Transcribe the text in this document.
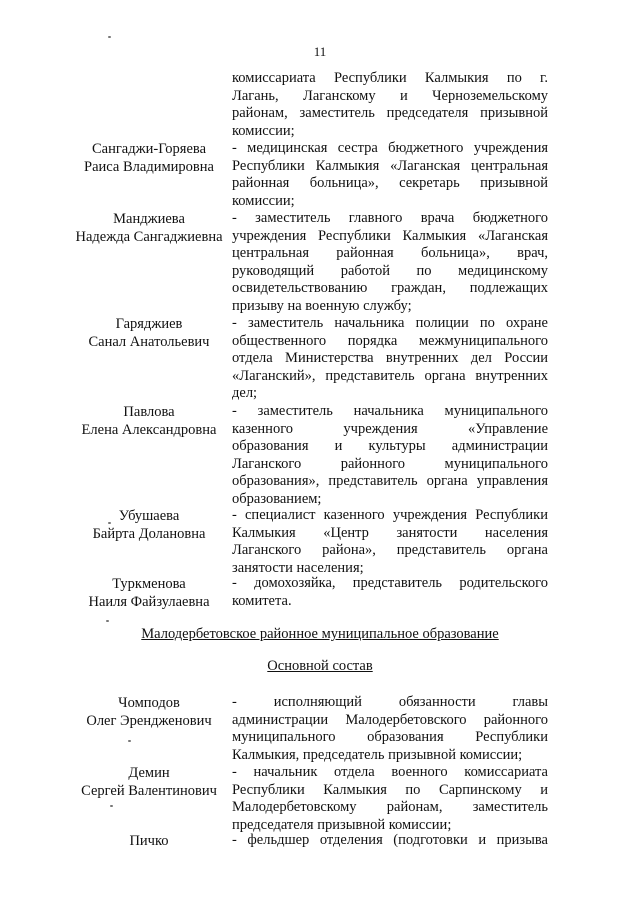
11
комиссариата Республики Калмыкия по г.
Лагань, Лаганскому и Черноземельскому
районам, заместитель председателя призывной
комиссии;
Сангаджи-Горяева
Раиса Владимировна
- медицинская сестра бюджетного учреждения
Республики Калмыкия «Лаганская центральная
районная больница», секретарь призывной
комиссии;
Манджиева
Надежда Сангаджиевна
- заместитель главного врача бюджетного
учреждения Республики Калмыкия «Лаганская
центральная районная больница», врач,
руководящий работой по медицинскому
освидетельствованию граждан, подлежащих
призыву на военную службу;
Гаряджиев
Санал Анатольевич
- заместитель начальника полиции по охране
общественного порядка межмуниципального
отдела Министерства внутренних дел России
«Лаганский», представитель органа внутренних
дел;
Павлова
Елена Александровна
- заместитель начальника муниципального
казенного учреждения «Управление
образования и культуры администрации
Лаганского районного муниципального
образования», представитель органа управления
образованием;
Убушаева
Байрта Долановна
- специалист казенного учреждения Республики
Калмыкия «Центр занятости населения
Лаганского района», представитель органа
занятости населения;
Туркменова
Наиля Файзулаевна
- домохозяйка, представитель родительского
комитета.
Малодербетовское районное муниципальное образование
Основной состав
Чомподов
Олег Эрендженович
- исполняющий обязанности главы
администрации Малодербетовского районного
муниципального образования Республики
Калмыкия, председатель призывной комиссии;
Демин
Сергей Валентинович
- начальник отдела военного комиссариата
Республики Калмыкия по Сарпинскому и
Малодербетовскому районам, заместитель
председателя призывной комиссии;
Пичко	- фельдшер отделения (подготовки и призыва
